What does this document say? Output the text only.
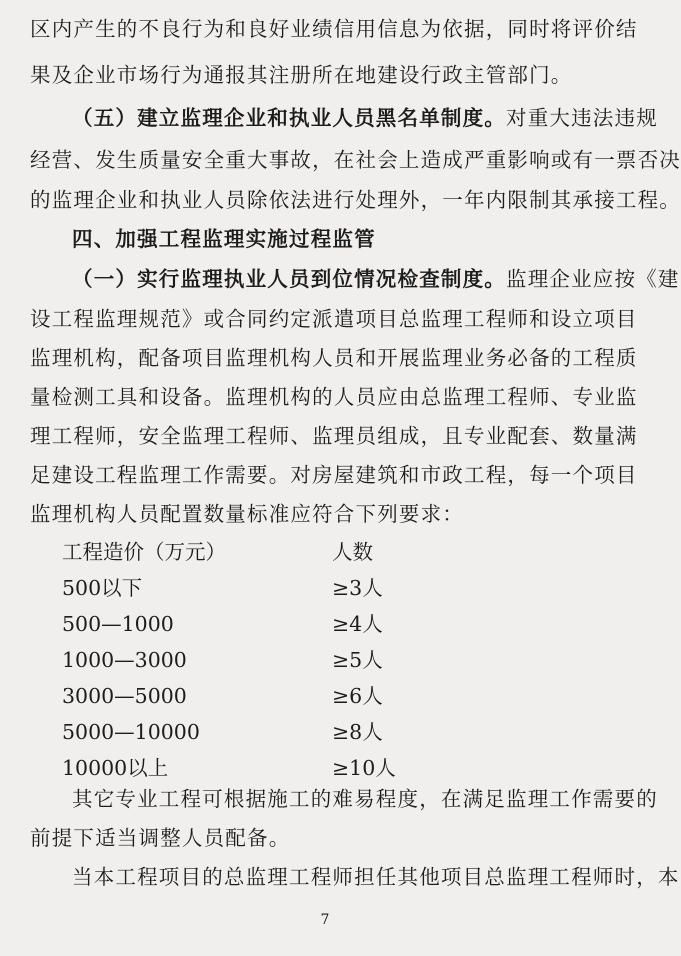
区内产生的不良行为和良好业绩信用信息为依据，同时将评价结
果及企业市场行为通报其注册所在地建设行政主管部门。
（五）建立监理企业和执业人员黑名单制度。对重大违法违规
经营、发生质量安全重大事故，在社会上造成严重影响或有一票否决
的监理企业和执业人员除依法进行处理外，一年内限制其承接工程。
四、加强工程监理实施过程监管
（一）实行监理执业人员到位情况检查制度。监理企业应按《建
设工程监理规范》或合同约定派遣项目总监理工程师和设立项目
监理机构，配备项目监理机构人员和开展监理业务必备的工程质
量检测工具和设备。监理机构的人员应由总监理工程师、专业监
理工程师，安全监理工程师、监理员组成，且专业配套、数量满
足建设工程监理工作需要。对房屋建筑和市政工程，每一个项目
监理机构人员配置数量标准应符合下列要求：
工程造价（万元）	人数
500以下	≥3人
500—1000	≥4人
1000—3000	≥5人
3000—5000	≥6人
5000—10000	≥8人
10000以上	≥10人
其它专业工程可根据施工的难易程度，在满足监理工作需要的
前提下适当调整人员配备。
当本工程项目的总监理工程师担任其他项目总监理工程师时，本
7
